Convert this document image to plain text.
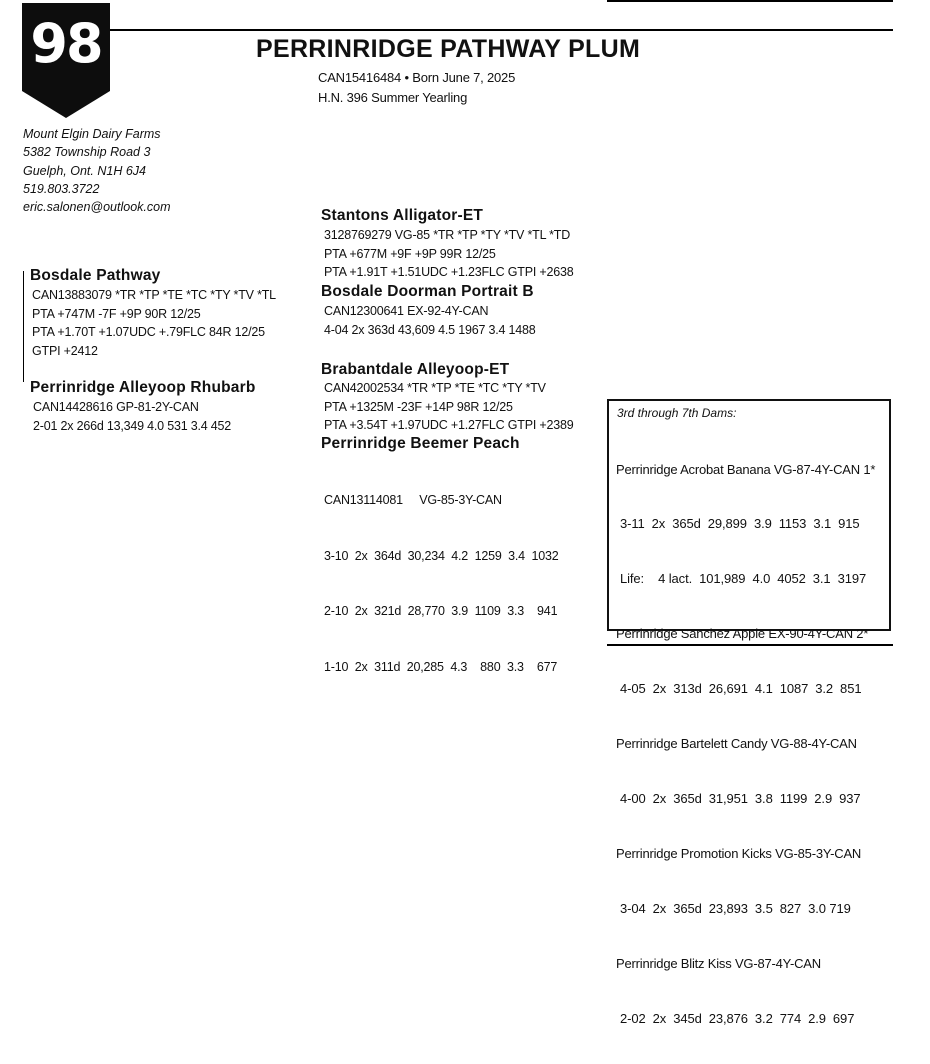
98	PERRINRIDGE PATHWAY PLUM
CAN15416484 • Born June 7, 2025
H.N. 396 Summer Yearling
Mount Elgin Dairy Farms
5382 Township Road 3
Guelph, Ont. N1H 6J4
519.803.3722
eric.salonen@outlook.com
Bosdale Pathway
CAN13883079 *TR *TP *TE *TC *TY *TV *TL
PTA +747M -7F +9P 90R 12/25
PTA +1.70T +1.07UDC +.79FLC 84R 12/25
GTPI +2412
Perrinridge Alleyoop Rhubarb
CAN14428616 GP-81-2Y-CAN
2-01 2x 266d 13,349 4.0 531 3.4 452
Stantons Alligator-ET
3128769279 VG-85 *TR *TP *TY *TV *TL *TD
PTA +677M +9F +9P 99R 12/25
PTA +1.91T +1.51UDC +1.23FLC GTPI +2638
Bosdale Doorman Portrait B
CAN12300641 EX-92-4Y-CAN
4-04 2x 363d 43,609 4.5 1967 3.4 1488
Brabantdale Alleyoop-ET
CAN42002534 *TR *TP *TE *TC *TY *TV
PTA +1325M -23F +14P 98R 12/25
PTA +3.54T +1.97UDC +1.27FLC GTPI +2389
Perrinridge Beemer Peach

CAN13114081     VG-85-3Y-CAN

3-10  2x  364d  30,234  4.2  1259  3.4  1032

2-10  2x  321d  28,770  3.9  1109  3.3    941

1-10  2x  311d  20,285  4.3    880  3.3    677

3rd through 7th Dams:

Perrinridge Acrobat Banana VG-87-4Y-CAN 1*

3-11  2x  365d  29,899  3.9  1153  3.1  915

Life:    4 lact.  101,989  4.0  4052  3.1  3197

Perrinridge Sanchez Apple EX-90-4Y-CAN 2*

4-05  2x  313d  26,691  4.1  1087  3.2  851

Perrinridge Bartelett Candy VG-88-4Y-CAN

4-00  2x  365d  31,951  3.8  1199  2.9  937

Perrinridge Promotion Kicks VG-85-3Y-CAN

3-04  2x  365d  23,893  3.5  827  3.0 719

Perrinridge Blitz Kiss VG-87-4Y-CAN

2-02  2x  345d  23,876  3.2  774  2.9  697
